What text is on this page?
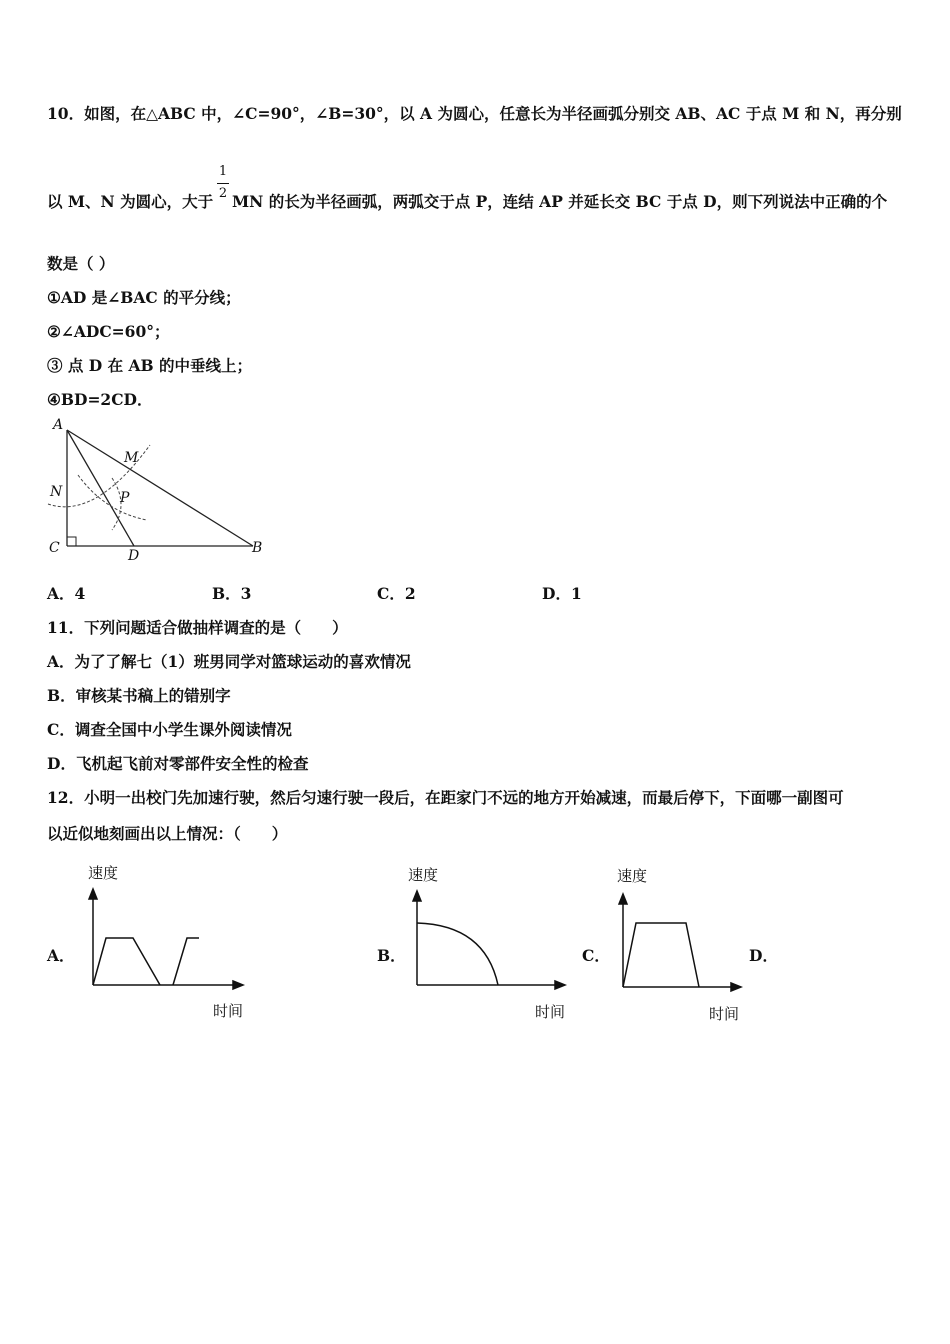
10．如图，在△ABC 中，∠C=90°，∠B=30°，以 A 为圆心，任意长为半径画弧分别交 AB、AC 于点 M 和 N，再分别
以 M、N 为圆心，大于
1
2 MN 的长为半径画弧，两弧交于点 P，连结 AP 并延长交 BC 于点 D，则下列说法中正确的个
数是（ ）
①AD 是∠BAC 的平分线；
②∠ADC=60°；
③ 点 D 在 AB 的中垂线上；
④BD=2CD．
A
M
N	P
C	D	B
A．4	B．3	C．2	D．1
11．下列问题适合做抽样调查的是（　　）
A．为了了解七（1）班男同学对篮球运动的喜欢情况
B．审核某书稿上的错别字
C．调查全国中小学生课外阅读情况
D．飞机起飞前对零部件安全性的检查
12．小明一出校门先加速行驶，然后匀速行驶一段后，在距家门不远的地方开始减速，而最后停下，下面哪一副图可
以近似地刻画出以上情况：（　　）
A．
速度
时间
B．
速度
时间
C．
速度
时间
D．
